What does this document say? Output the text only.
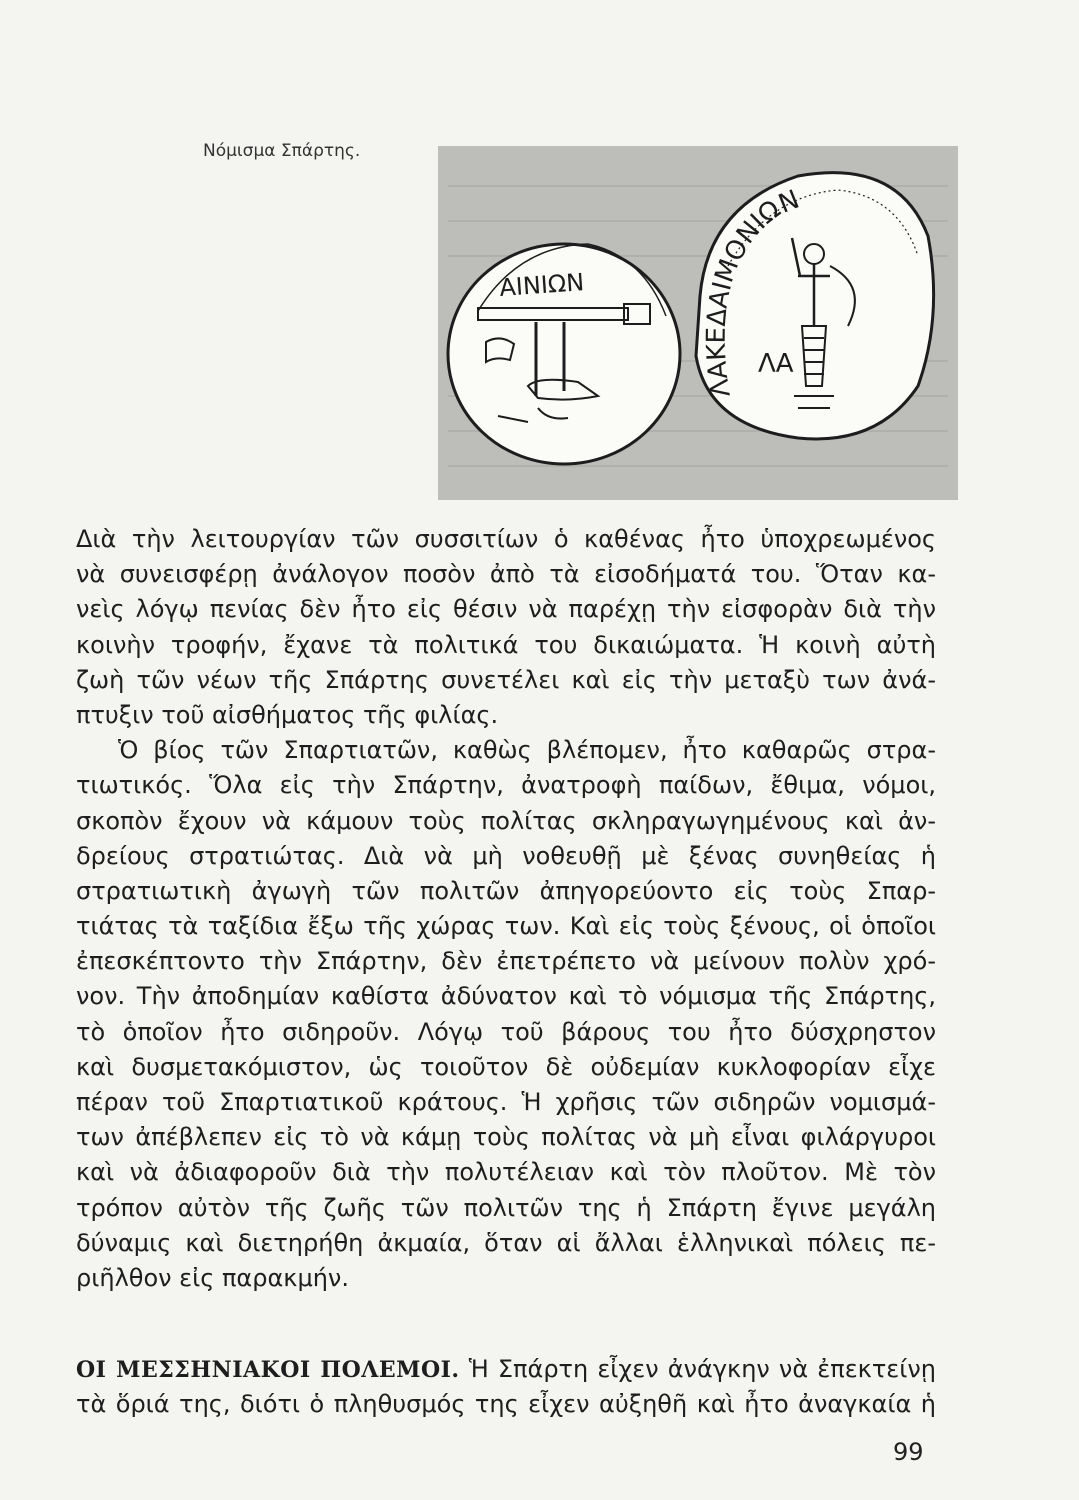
Νόμισμα Σπάρτης.
ΑΙΝΙΩΝ
ΛΑΚΕΔΑΙΜΟΝΙΩΝ
ΛΑ
Διὰ τὴν λειτουργίαν τῶν συσσιτίων ὁ καθένας ἦτο ὑποχρεωμένος
νὰ συνεισφέρῃ ἀνάλογον ποσὸν ἀπὸ τὰ εἰσοδήματά του. Ὅταν κα-
νεὶς λόγῳ πενίας δὲν ἦτο εἰς θέσιν νὰ παρέχῃ τὴν εἰσφορὰν διὰ τὴν
κοινὴν τροφήν, ἔχανε τὰ πολιτικά του δικαιώματα. Ἡ κοινὴ αὐτὴ
ζωὴ τῶν νέων τῆς Σπάρτης συνετέλει καὶ εἰς τὴν μεταξὺ των ἀνά-
πτυξιν τοῦ αἰσθήματος τῆς φιλίας.
Ὁ βίος τῶν Σπαρτιατῶν, καθὼς βλέπομεν, ἦτο καθαρῶς στρα-
τιωτικός. Ὅλα εἰς τὴν Σπάρτην, ἀνατροφὴ παίδων, ἔθιμα, νόμοι,
σκοπὸν ἔχουν νὰ κάμουν τοὺς πολίτας σκληραγωγημένους καὶ ἀν-
δρείους στρατιώτας. Διὰ νὰ μὴ νοθευθῇ μὲ ξένας συνηθείας ἡ
στρατιωτικὴ ἀγωγὴ τῶν πολιτῶν ἀπηγορεύοντο εἰς τοὺς Σπαρ-
τιάτας τὰ ταξίδια ἔξω τῆς χώρας των. Καὶ εἰς τοὺς ξένους, οἱ ὁποῖοι
ἐπεσκέπτοντο τὴν Σπάρτην, δὲν ἐπετρέπετο νὰ μείνουν πολὺν χρό-
νον. Τὴν ἀποδημίαν καθίστα ἀδύνατον καὶ τὸ νόμισμα τῆς Σπάρτης,
τὸ ὁποῖον ἦτο σιδηροῦν. Λόγῳ τοῦ βάρους του ἦτο δύσχρηστον
καὶ δυσμετακόμιστον, ὡς τοιοῦτον δὲ οὐδεμίαν κυκλοφορίαν εἶχε
πέραν τοῦ Σπαρτιατικοῦ κράτους. Ἡ χρῆσις τῶν σιδηρῶν νομισμά-
των ἀπέβλεπεν εἰς τὸ νὰ κάμῃ τοὺς πολίτας νὰ μὴ εἶναι φιλάργυροι
καὶ νὰ ἀδιαφοροῦν διὰ τὴν πολυτέλειαν καὶ τὸν πλοῦτον. Μὲ τὸν
τρόπον αὐτὸν τῆς ζωῆς τῶν πολιτῶν της ἡ Σπάρτη ἔγινε μεγάλη
δύναμις καὶ διετηρήθη ἀκμαία, ὅταν αἱ ἄλλαι ἑλληνικαὶ πόλεις πε-
ριῆλθον εἰς παρακμήν.
ΟΙ ΜΕΣΣΗΝΙΑΚΟΙ ΠΟΛΕΜΟΙ. Ἡ Σπάρτη εἶχεν ἀνάγκην νὰ ἐπεκτείνῃ
τὰ ὅριά της, διότι ὁ πληθυσμός της εἶχεν αὐξηθῆ καὶ ἦτο ἀναγκαία ἡ
99
